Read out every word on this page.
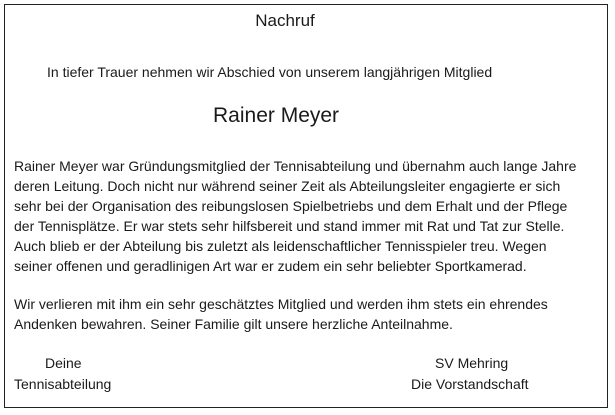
Nachruf
In tiefer Trauer nehmen wir Abschied von unserem langjährigen Mitglied
Rainer Meyer
Rainer Meyer war Gründungsmitglied der Tennisabteilung und übernahm auch lange Jahre
deren Leitung. Doch nicht nur während seiner Zeit als Abteilungsleiter engagierte er sich
sehr bei der Organisation des reibungslosen Spielbetriebs und dem Erhalt und der Pflege
der Tennisplätze. Er war stets sehr hilfsbereit und stand immer mit Rat und Tat zur Stelle.
Auch blieb er der Abteilung bis zuletzt als leidenschaftlicher Tennisspieler treu. Wegen
seiner offenen und geradlinigen Art war er zudem ein sehr beliebter Sportkamerad.
Wir verlieren mit ihm ein sehr geschätztes Mitglied und werden ihm stets ein ehrendes
Andenken bewahren. Seiner Familie gilt unsere herzliche Anteilnahme.
Deine
Tennisabteilung
SV Mehring
Die Vorstandschaft
